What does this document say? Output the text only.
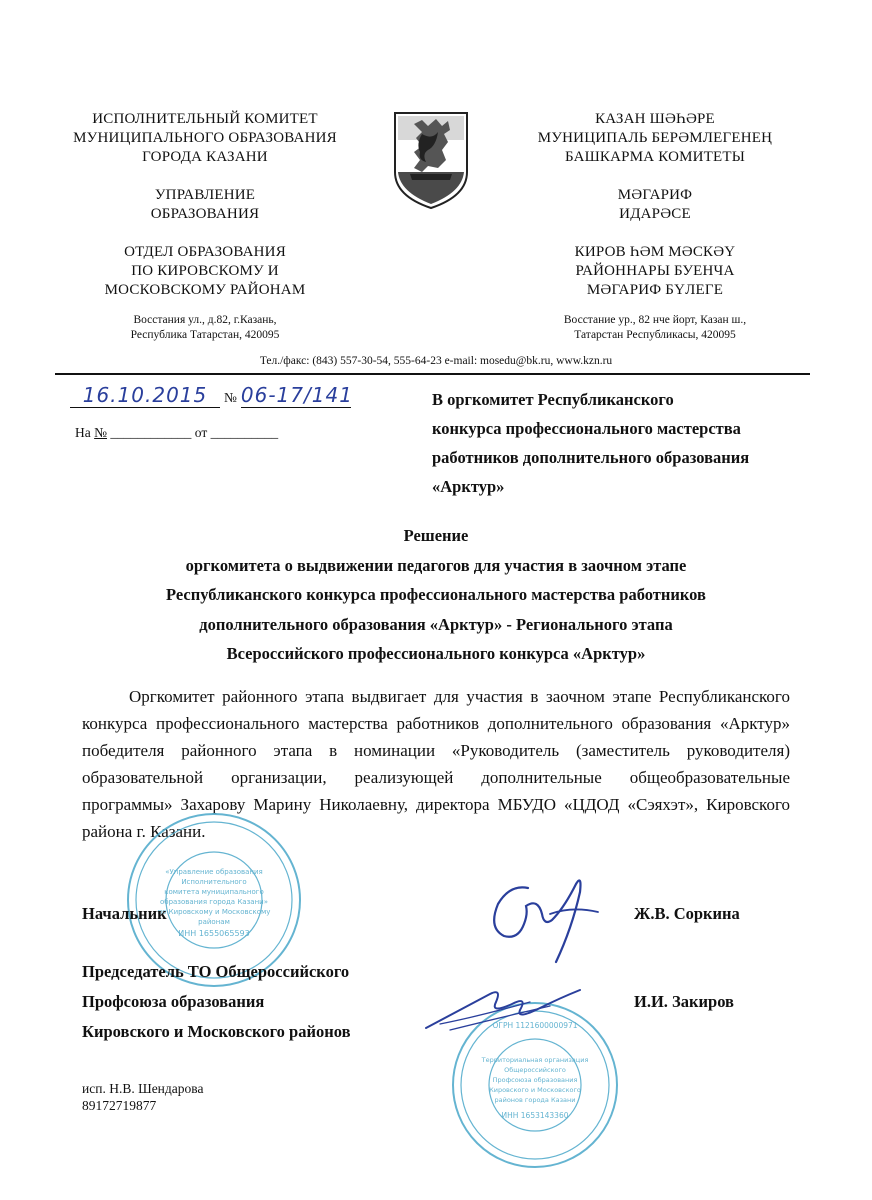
ИСПОЛНИТЕЛЬНЫЙ КОМИТЕТ
МУНИЦИПАЛЬНОГО ОБРАЗОВАНИЯ
ГОРОДА КАЗАНИ
УПРАВЛЕНИЕ
ОБРАЗОВАНИЯ
ОТДЕЛ ОБРАЗОВАНИЯ
ПО КИРОВСКОМУ И
МОСКОВСКОМУ РАЙОНАМ
Восстания ул., д.82, г.Казань,
Республика Татарстан, 420095
КАЗАН ШӘҺӘРЕ
МУНИЦИПАЛЬ БЕРӘМЛЕГЕНЕҢ
БАШКАРМА КОМИТЕТЫ
МӘГАРИФ
ИДАРӘСЕ
КИРОВ ҺӘМ МӘСКӘҮ
РАЙОННАРЫ БУЕНЧА
МӘГАРИФ БҮЛЕГЕ
Восстание ур., 82 нче йорт, Казан ш.,
Татарстан Республикасы, 420095
Тел./факс: (843) 557-30-54, 555-64-23 e-mail: mosedu@bk.ru, www.kzn.ru
16.10.2015 № 06-17/141
На № ____________ от __________
В оргкомитет Республиканского
конкурса профессионального мастерства
работников дополнительного образования
«Арктур»
Решение
оргкомитета о выдвижении педагогов для участия в заочном этапе
Республиканского конкурса профессионального мастерства работников
дополнительного образования «Арктур» - Регионального этапа
Всероссийского профессионального конкурса «Арктур»
Оргкомитет районного этапа выдвигает для участия в заочном этапе Республиканского конкурса профессионального мастерства работников дополнительного образования «Арктур» победителя районного этапа в номинации «Руководитель (заместитель руководителя) образовательной организации, реализующей дополнительные общеобразовательные программы» Захарову Марину Николаевну, директора МБУДО «ЦДОД «Сэяхэт», Кировского района г. Казани.
«Управление образования
Исполнительного
комитета муниципального
образования города Казани»
по Кировскому и Московскому
районам
ИНН 1655065593
ОГРН 1121600000971
Территориальная организация
Общероссийского
Профсоюза образования
Кировского и Московского
районов города Казани
ИНН 1653143360
Начальник	Ж.В. Соркина
Председатель ТО Общероссийского
Профсоюза образования
Кировского и Московского районов
И.И. Закиров
исп. Н.В. Шендарова
89172719877
